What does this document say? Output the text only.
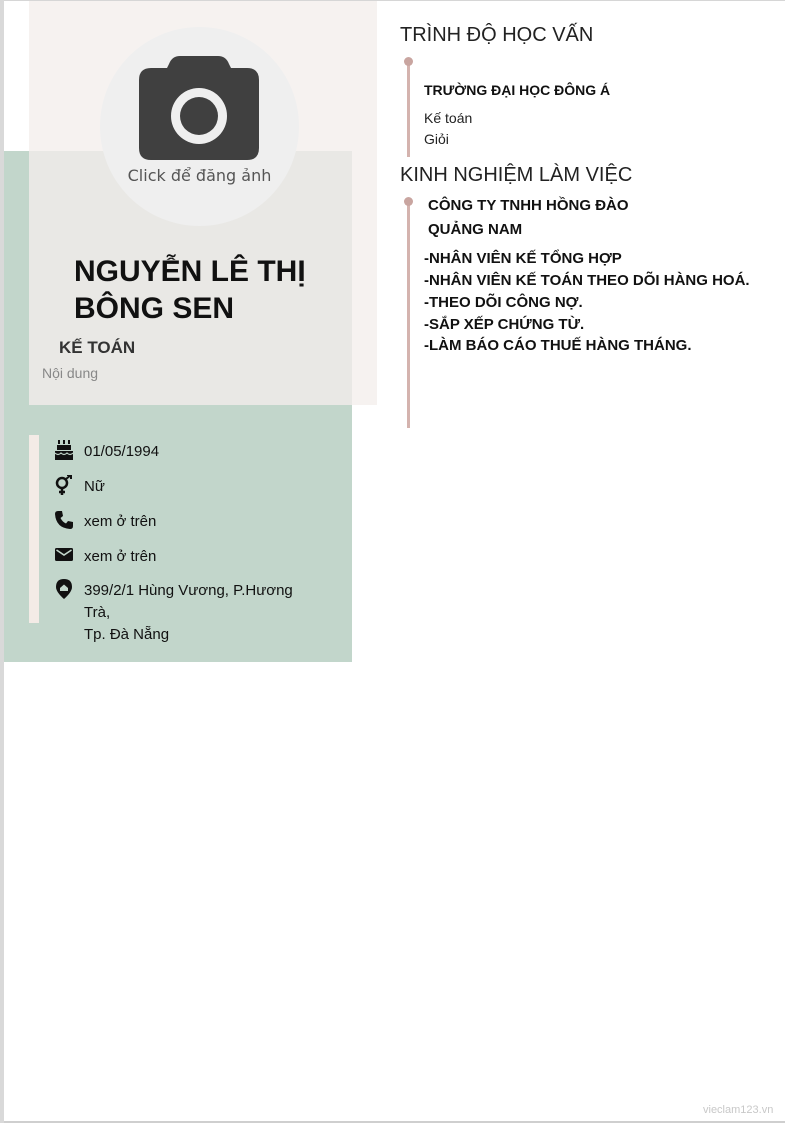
Click để đăng ảnh
NGUYỄN LÊ THỊ
BÔNG SEN
KẾ TOÁN
Nội dung
01/05/1994
Nữ
xem ở trên
xem ở trên
399/2/1 Hùng Vương, P.Hương Trà,
Tp. Đà Nẵng
TRÌNH ĐỘ HỌC VẤN
TRƯỜNG ĐẠI HỌC ĐÔNG Á
Kế toán
Giỏi
KINH NGHIỆM LÀM VIỆC
CÔNG TY TNHH HỒNG ĐÀO
QUẢNG NAM
-NHÂN VIÊN KẾ TỔNG HỢP
-NHÂN VIÊN KẾ TOÁN THEO DÕI HÀNG HOÁ.
-THEO DÕI CÔNG NỢ.
-SẮP XẾP CHỨNG TỪ.
-LÀM BÁO CÁO THUẾ HÀNG THÁNG.
vieclam123.vn
